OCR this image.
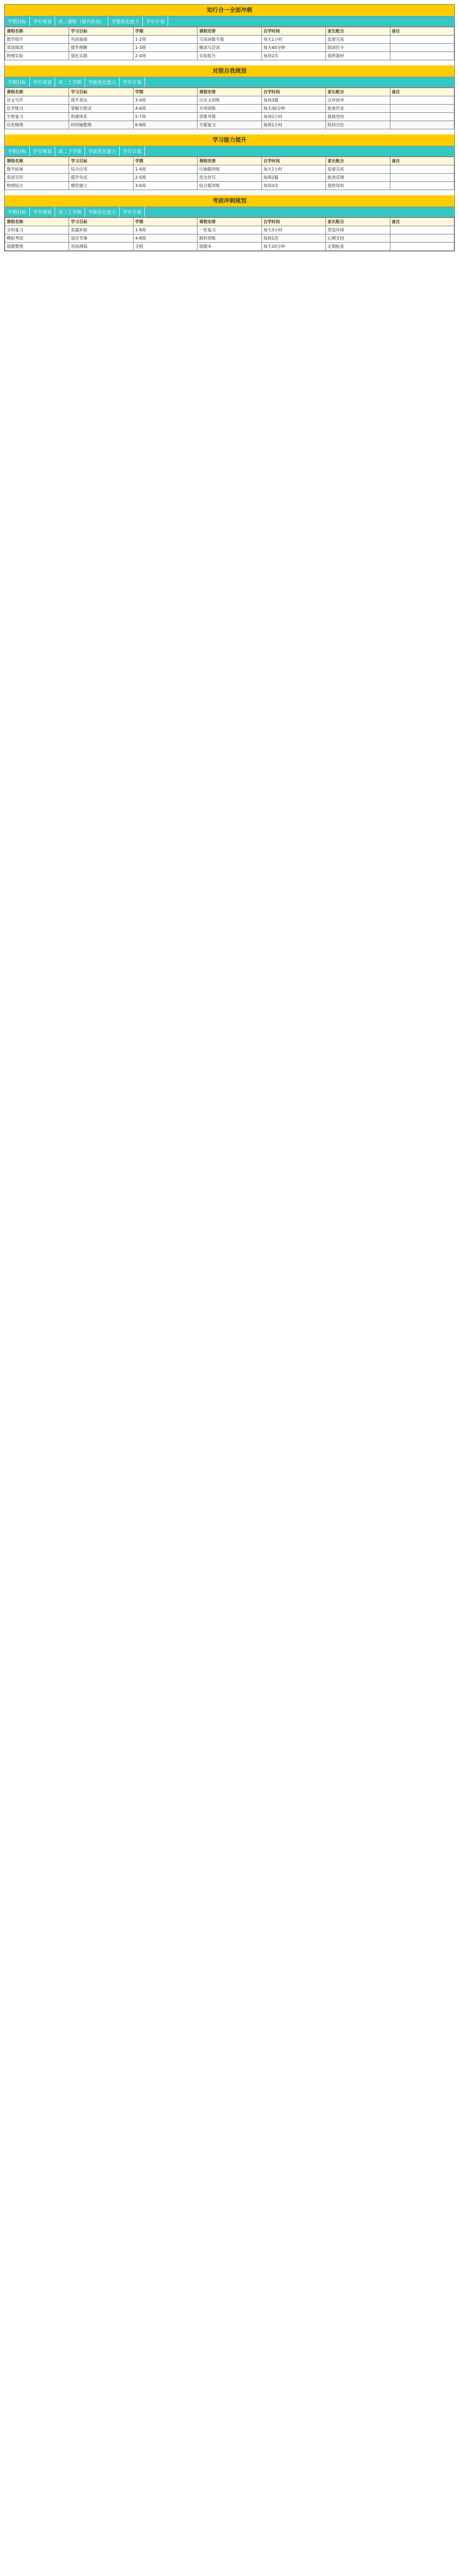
知行合一全面冲刺
学期目标	学年规划	高二暑假（提升阶段）	学能优化能力	学年计划
课程名称	学习目标	学期	课程安排	自学时间	家长配合	备注
数学提升	巩固基础	1-2周	完成函数专题	每天1小时	监督完成	
英语阅读	提升理解	1-3周	精读与泛读	每天40分钟	陪读打卡	
物理实验	强化实践	2-4周	实验报告	每周2次	提供器材	
对照自我规划
学期目标	学年规划	高二上学期	学能优化能力	学年计划
课程名称	学习目标	学期	课程安排	自学时间	家长配合	备注
语文写作	提升表达	3-4周	议论文训练	每周3篇	点评指导	
化学练习	掌握方程式	4-6周	专项训练	每天30分钟	检查作业	
生物复习	构建体系	5-7周	思维导图	每周2小时	鼓励坚持	
历史梳理	时间轴整理	6-8周	专题复习	每周1小时	陪同讨论	
学习能力提升
学期目标	学年规划	高二下学期	学能优化能力	学年计划
课程名称	学习目标	学期	课程安排	自学时间	家长配合	备注
数学拓展	综合应用	1-4周	压轴题训练	每天1小时	监督完成	
英语写作	提升句式	2-5周	范文仿写	每周2篇	批改反馈	
物理综合	模型建立	3-6周	综合题训练	每周3次	提供资料	
考前冲刺规划
学期目标	学年规划	高三上学期	学能优化能力	学年计划
课程名称	学习目标	学期	课程安排	自学时间	家长配合	备注
全科复习	查漏补缺	1-8周	一轮复习	每天3小时	营造环境	
模拟考试	适应节奏	4-8周	限时训练	每周1次	心理支持	
错题整理	巩固薄弱	全程	错题本	每天20分钟	定期检查	
